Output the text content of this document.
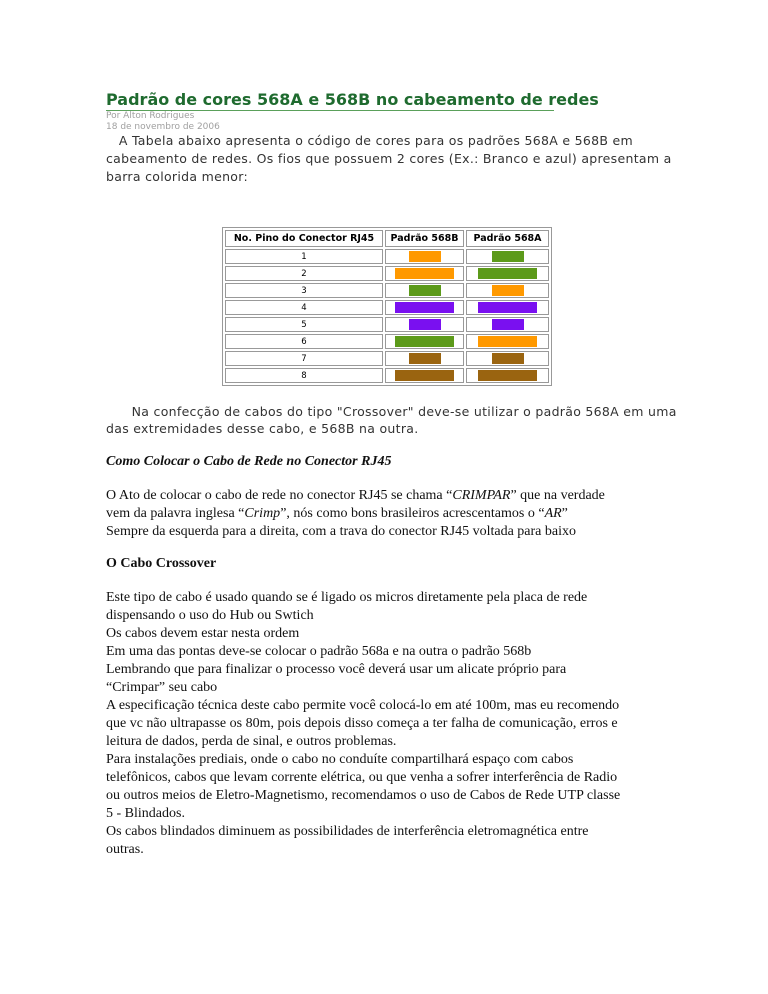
Padrão de cores 568A e 568B no cabeamento de redes
Por Alton Rodrigues
18 de novembro de 2006
A Tabela abaixo apresenta o código de cores para os padrões 568A e 568B em
cabeamento de redes. Os fios que possuem 2 cores (Ex.: Branco e azul) apresentam a
barra colorida menor:
No. Pino do Conector RJ45	Padrão 568B	Padrão 568A
1	

2	

3	

4	

5	

6	

7	

8	

Na confecção de cabos do tipo "Crossover" deve-se utilizar o padrão 568A em uma
das extremidades desse cabo, e 568B na outra.
Como Colocar o Cabo de Rede no Conector RJ45
O Ato de colocar o cabo de rede no conector RJ45 se chama “CRIMPAR” que na verdade
vem da palavra inglesa “Crimp”, nós como bons brasileiros acrescentamos o “AR”
Sempre da esquerda para a direita, com a trava do conector RJ45 voltada para baixo
O Cabo Crossover
Este tipo de cabo é usado quando se é ligado os micros diretamente pela placa de rede
dispensando o uso do Hub ou Swtich
Os cabos devem estar nesta ordem
Em uma das pontas deve-se colocar o padrão 568a e na outra o padrão 568b
Lembrando que para finalizar o processo você deverá usar um alicate próprio para
“Crimpar” seu cabo
A especificação técnica deste cabo permite você colocá-lo em até 100m, mas eu recomendo
que vc não ultrapasse os 80m, pois depois disso começa a ter falha de comunicação, erros e
leitura de dados, perda de sinal, e outros problemas.
Para instalações prediais, onde o cabo no conduíte compartilhará espaço com cabos
telefônicos, cabos que levam corrente elétrica, ou que venha a sofrer interferência de Radio
ou outros meios de Eletro-Magnetismo, recomendamos o uso de Cabos de Rede UTP classe
5 - Blindados.
Os cabos blindados diminuem as possibilidades de interferência eletromagnética entre
outras.
